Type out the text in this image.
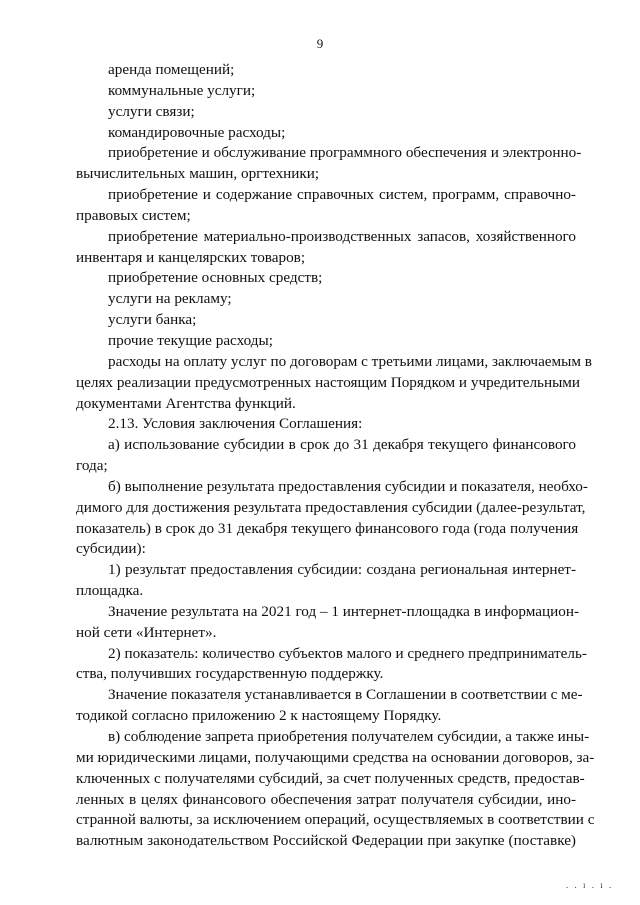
9
аренда помещений;
коммунальные услуги;
услуги связи;
командировочные расходы;
приобретение и обслуживание программного обеспечения и электронно-
вычислительных машин, оргтехники;
приобретение и содержание справочных систем, программ, справочно-
правовых систем;
приобретение материально-производственных запасов, хозяйственного
инвентаря и канцелярских товаров;
приобретение основных средств;
услуги на рекламу;
услуги банка;
прочие текущие расходы;
расходы на оплату услуг по договорам с третьими лицами, заключаемым в
целях реализации предусмотренных настоящим Порядком и учредительными
документами Агентства функций.
2.13. Условия заключения Соглашения:
а) использование субсидии в срок до 31 декабря текущего финансового
года;
б) выполнение результата предоставления субсидии и показателя, необхо-
димого для достижения результата предоставления субсидии (далее-результат,
показатель) в срок до 31 декабря текущего финансового года (года получения
субсидии):
1) результат предоставления субсидии: создана региональная интернет-
площадка.
Значение результата на 2021 год – 1 интернет-площадка в информацион-
ной сети «Интернет».
2) показатель: количество субъектов малого и среднего предприниматель-
ства, получивших государственную поддержку.
Значение показателя устанавливается в Соглашении в соответствии с ме-
тодикой согласно приложению 2 к настоящему Порядку.
в) соблюдение запрета приобретения получателем субсидии, а также ины-
ми юридическими лицами, получающими средства на основании договоров, за-
ключенных с получателями субсидий, за счет полученных средств, предостав-
ленных в целях финансового обеспечения затрат получателя субсидии, ино-
странной валюты, за исключением операций, осуществляемых в соответствии с
валютным законодательством Российской Федерации при закупке (поставке)
. . ı . ı .
